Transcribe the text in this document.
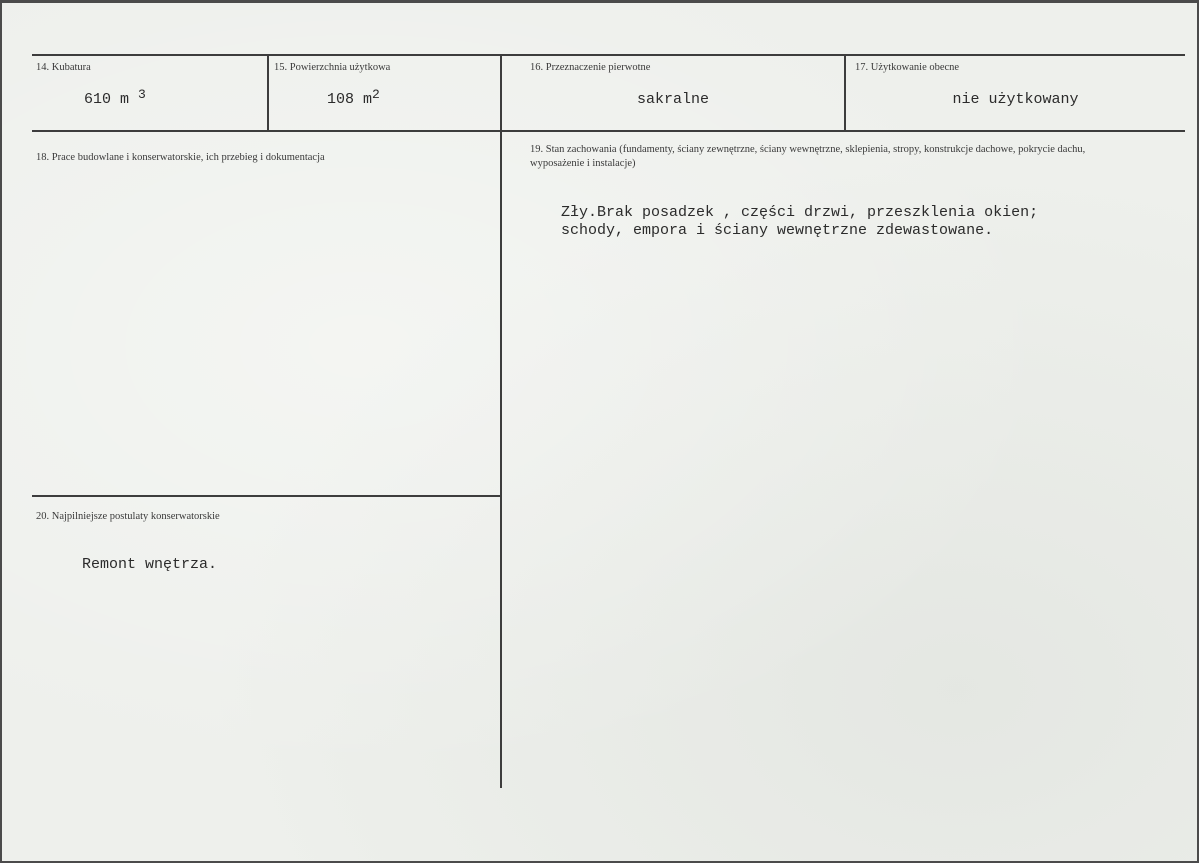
14. Kubatura
610 m $^3$
15. Powierzchnia użytkowa
108 $m^2$
16. Przeznaczenie pierwotne
sakralne
17. Użytkowanie obecne
nie użytkowany
18. Prace budowlane i konserwatorskie, ich przebieg i dokumentacja
19. Stan zachowania (fundamenty, ściany zewnętrzne, ściany wewnętrzne, sklepienia, stropy, konstrukcje dachowe, pokrycie dachu, wyposażenie i instalacje)
Zły.Brak posadzek , części drzwi, przeszklenia okien;
schody, empora i ściany wewnętrzne zdewastowane.
20. Najpilniejsze postulaty konserwatorskie
Remont wnętrza.
